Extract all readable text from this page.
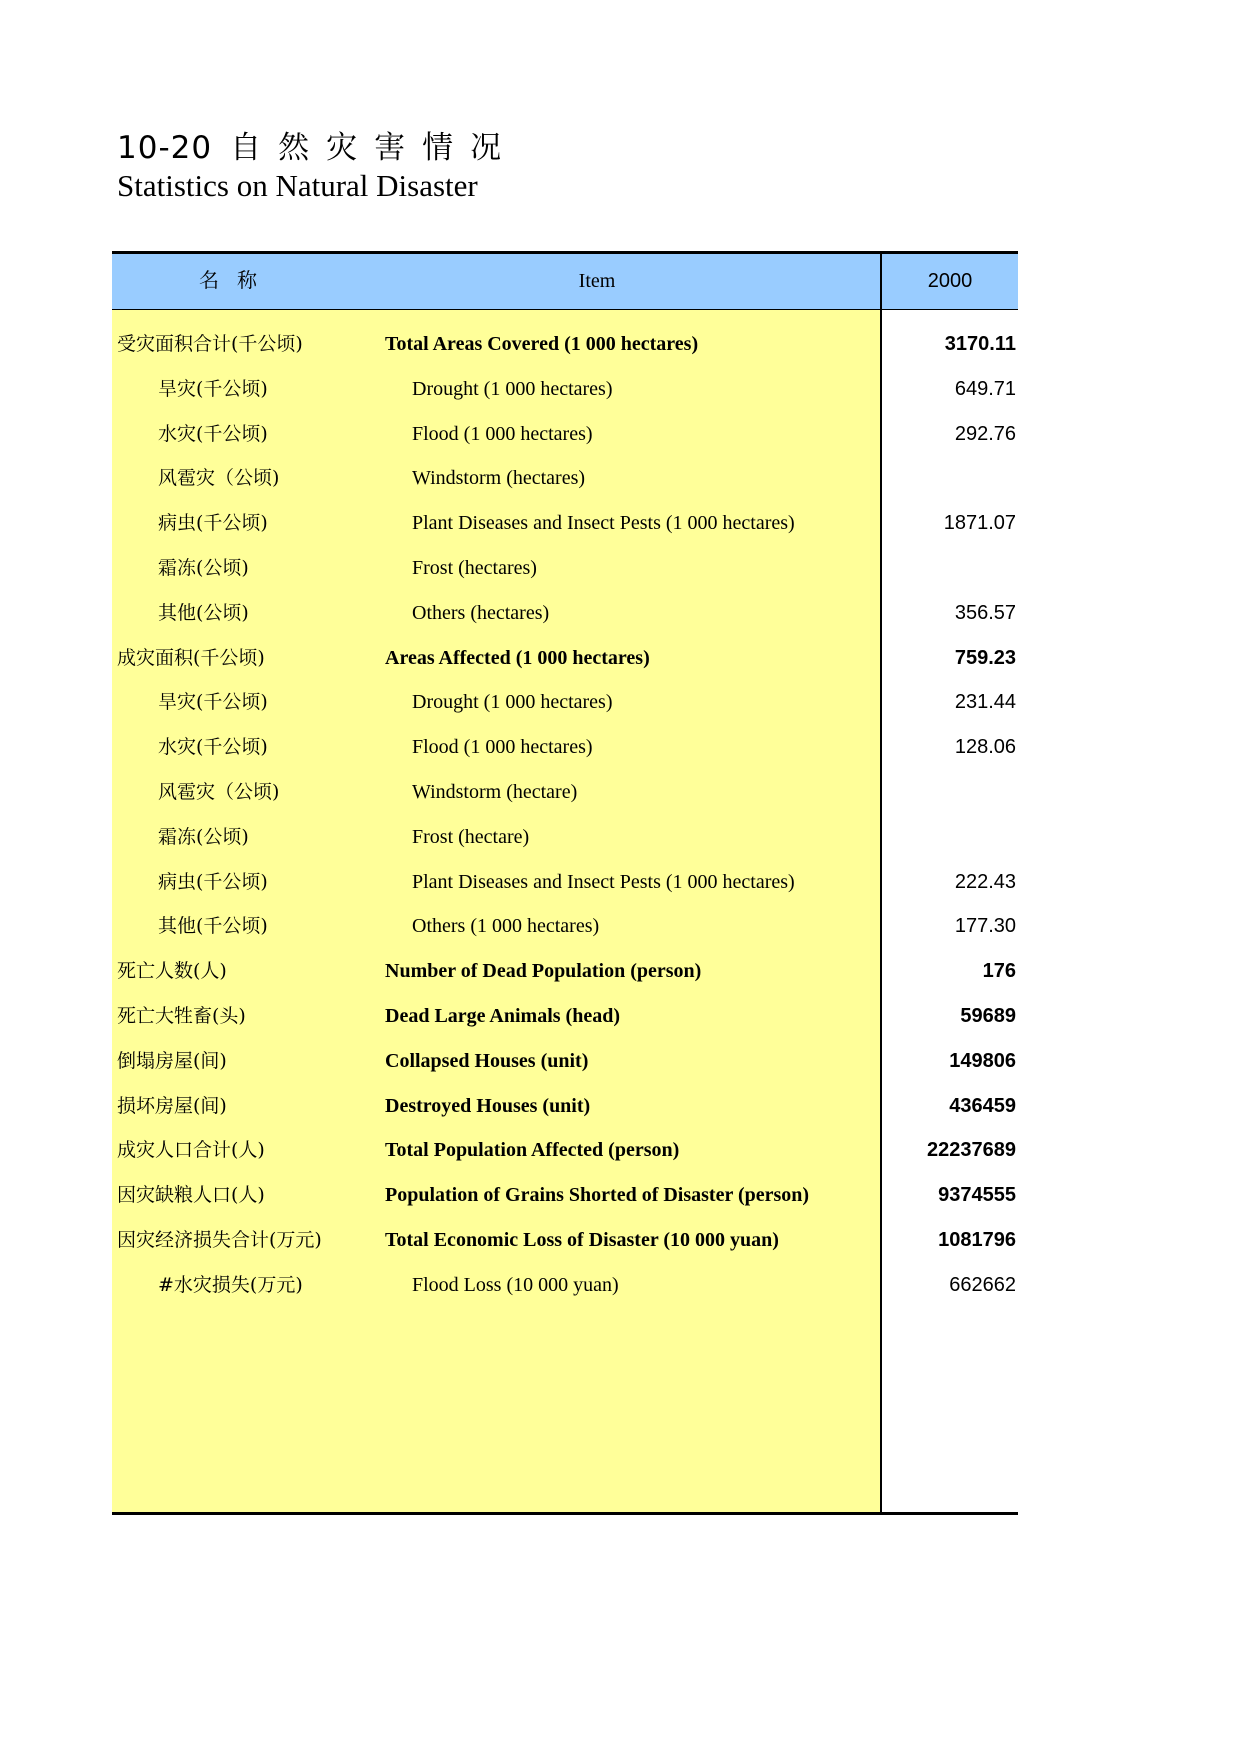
10-20 自然灾害情况
Statistics on Natural Disaster
名称	Item	2000
受灾面积合计(千公顷)	Total Areas Covered (1 000 hectares)	3170.11
旱灾(千公顷)	Drought (1 000 hectares)	649.71
水灾(千公顷)	Flood (1 000 hectares)	292.76
风雹灾（公顷)	Windstorm (hectares)
病虫(千公顷)	Plant Diseases and Insect Pests (1 000 hectares)	1871.07
霜冻(公顷)	Frost (hectares)
其他(公顷)	Others (hectares)	356.57
成灾面积(千公顷)	Areas Affected (1 000 hectares)	759.23
旱灾(千公顷)	Drought (1 000 hectares)	231.44
水灾(千公顷)	Flood (1 000 hectares)	128.06
风雹灾（公顷)	Windstorm (hectare)
霜冻(公顷)	Frost (hectare)
病虫(千公顷)	Plant Diseases and Insect Pests (1 000 hectares)	222.43
其他(千公顷)	Others (1 000 hectares)	177.30
死亡人数(人)	Number of Dead Population (person)	176
死亡大牲畜(头)	Dead Large Animals (head)	59689
倒塌房屋(间)	Collapsed Houses (unit)	149806
损坏房屋(间)	Destroyed Houses (unit)	436459
成灾人口合计(人)	Total Population Affected (person)	22237689
因灾缺粮人口(人)	Population of Grains Shorted of Disaster (person)	9374555
因灾经济损失合计(万元)	Total Economic Loss of Disaster (10 000 yuan)	1081796
#水灾损失(万元)	Flood Loss (10 000 yuan)	662662
